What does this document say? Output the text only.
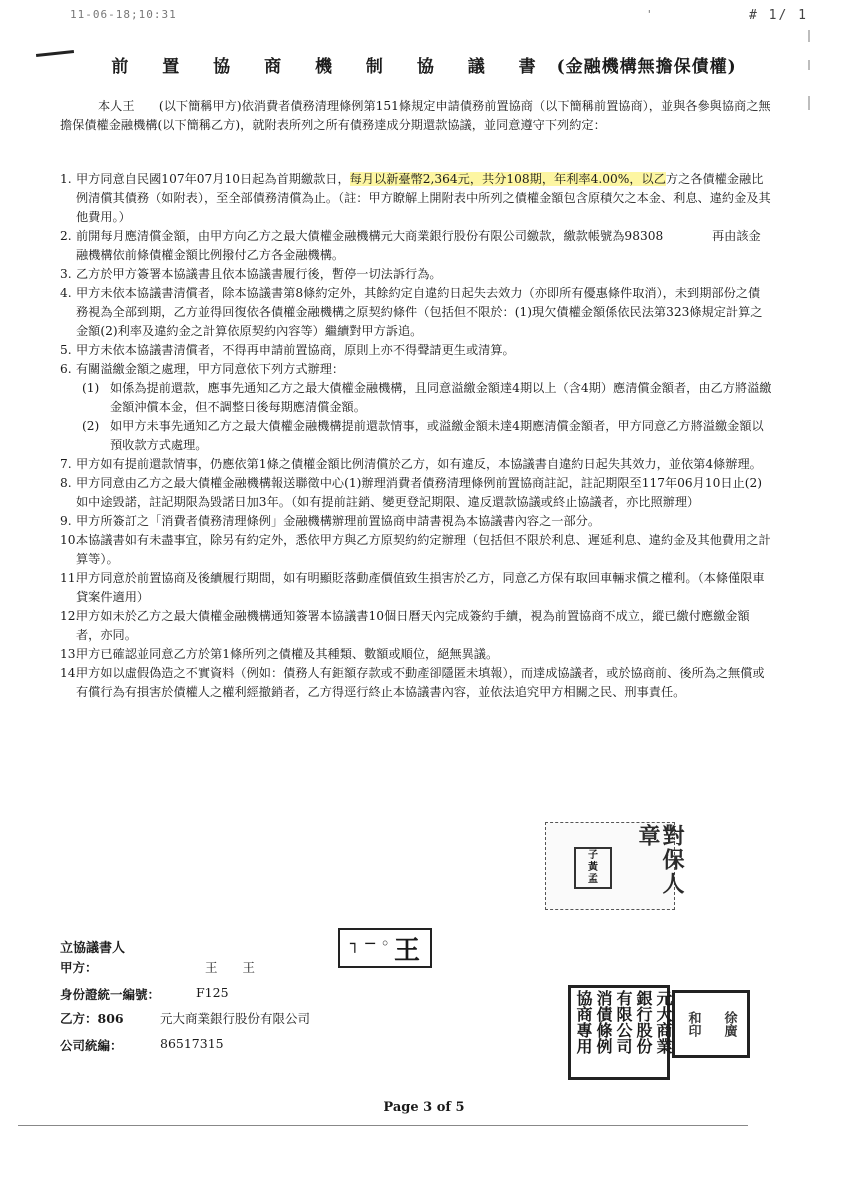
11-06-18;10:31	'	# 1/ 1
前 置 協 商 機 制 協 議 書 (金融機構無擔保債權)

本人王　　(以下簡稱甲方)依消費者債務清理條例第151條規定申請債務前置協商（以下簡稱前置協商），並與各參與協商之無擔保債權金融機構(以下簡稱乙方)，就附表所列之所有債務達成分期還款協議，並同意遵守下列約定：

1. 甲方同意自民國107年07月10日起為首期繳款日，每月以新臺幣2,364元，共分108期，年利率4.00%，以乙方之各債權金融比例清償其債務（如附表），至全部債務清償為止。（註：甲方瞭解上開附表中所列之債權金額包含原積欠之本金、利息、違約金及其他費用。）
2. 前開每月應清償金額，由甲方向乙方之最大債權金融機構元大商業銀行股份有限公司繳款，繳款帳號為98308　　　　再由該金融機構依前條債權金額比例撥付乙方各金融機構。
3. 乙方於甲方簽署本協議書且依本協議書履行後，暫停一切法訴行為。
4. 甲方未依本協議書清償者，除本協議書第8條約定外，其餘約定自違約日起失去效力（亦即所有優惠條件取消），未到期部份之債務視為全部到期，乙方並得回復依各債權金融機構之原契約條件（包括但不限於：(1)現欠債權金額係依民法第323條規定計算之金額(2)利率及違約金之計算依原契約內容等）繼續對甲方訴追。
5. 甲方未依本協議書清償者，不得再申請前置協商，原則上亦不得聲請更生或清算。
6. 有關溢繳金額之處理，甲方同意依下列方式辦理：
(1) 如係為提前還款，應事先通知乙方之最大債權金融機構，且同意溢繳金額達4期以上（含4期）應清償金額者，由乙方將溢繳金額沖償本金，但不調整日後每期應清償金額。
(2) 如甲方未事先通知乙方之最大債權金融機構提前還款情事，或溢繳金額未達4期應清償金額者，甲方同意乙方將溢繳金額以預收款方式處理。
7. 甲方如有提前還款情事，仍應依第1條之債權金額比例清償於乙方，如有違反，本協議書自違約日起失其效力，並依第4條辦理。
8. 甲方同意由乙方之最大債權金融機構報送聯徵中心(1)辦理消費者債務清理條例前置協商註記，註記期限至117年06月10日止(2)如中途毀諾，註記期限為毀諾日加3年。（如有提前註銷、變更登記期限、違反還款協議或終止協議者，亦比照辦理）
9. 甲方所簽訂之「消費者債務清理條例」金融機構辦理前置協商申請書視為本協議書內容之一部分。
10.
本協議書如有未盡事宜，除另有約定外，悉依甲方與乙方原契約約定辦理（包括但不限於利息、遲延利息、違約金及其他費用之計算等）。
11.
甲方同意於前置協商及後續履行期間，如有明顯貶落動產價值致生損害於乙方，同意乙方保有取回車輛求償之權利。（本條僅限車貸案件適用）
12.
甲方如未於乙方之最大債權金融機構通知簽署本協議書10個日曆天內完成簽約手續，視為前置協商不成立，縱已繳付應繳金額者，亦同。
13.
甲方已確認並同意乙方於第1條所列之債權及其種類、數額或順位，絕無異議。
14.
甲方如以虛假偽造之不實資料（例如：債務人有鉅額存款或不動產卻隱匿未填報），而達成協議者，或於協商前、後所為之無償或有償行為有損害於債權人之權利經撤銷者，乙方得逕行終止本協議書內容，並依法追究甲方相關之民、刑事責任。
子
黃
孟	對保人章
立協議書人
甲方：	王　　王
┐ ─ ◦ 王
身份證統一編號：	F125
乙方：806	元大商業銀行股份有限公司
公司統編：	86517315	元大商業
銀行股份
有限公司
消債條例
協商專用	徐廣
和印
Page 3 of 5
